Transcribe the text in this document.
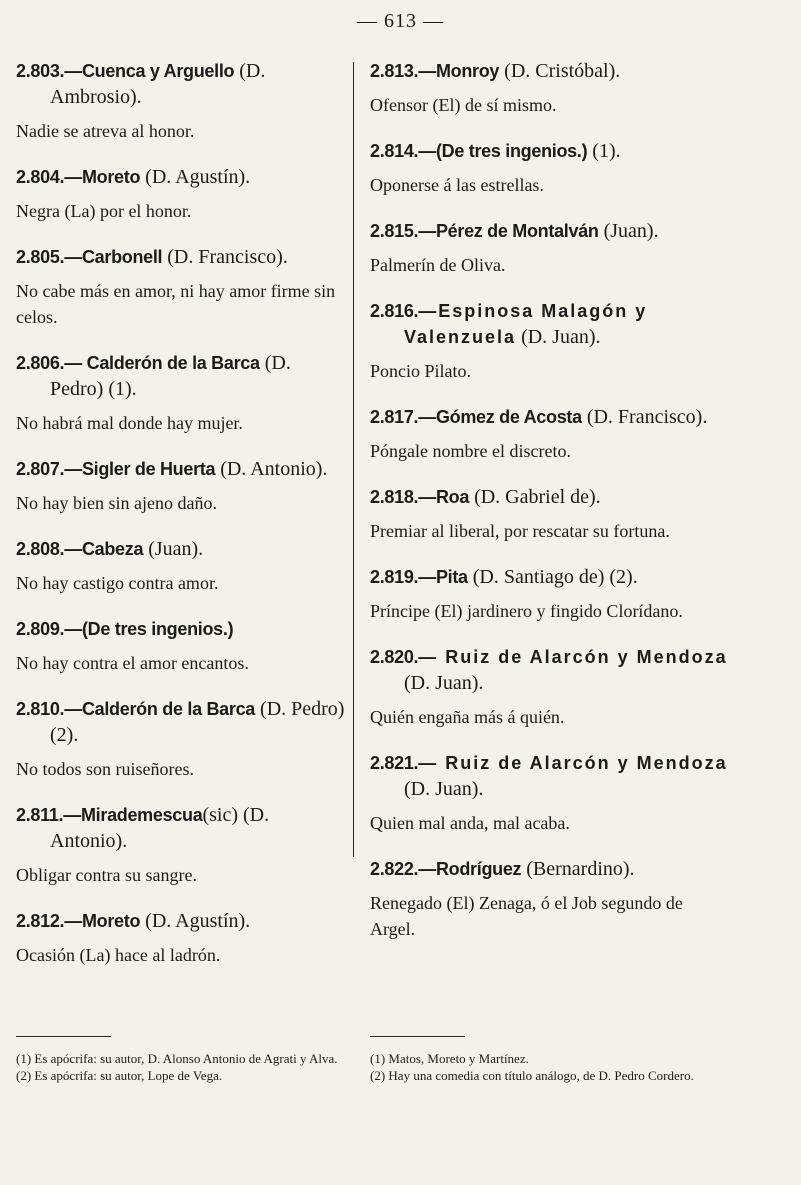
— 613 —

2.803.—Cuenca y Arguello (D. Ambrosio).

Nadie se atreva al honor.

2.804.—Moreto (D. Agustín).

Negra (La) por el honor.

2.805.—Carbonell (D. Francisco).

No cabe más en amor, ni hay amor firme sin celos.

2.806.— Calderón de la Barca (D. Pedro) (1).

No habrá mal donde hay mujer.

2.807.—Sigler de Huerta (D. Antonio).

No hay bien sin ajeno daño.

2.808.—Cabeza (Juan).

No hay castigo contra amor.

2.809.—(De tres ingenios.)

No hay contra el amor encantos.

2.810.—Calderón de la Barca (D. Pedro) (2).

No todos son ruiseñores.

2.811.—Mirademescua(sic) (D. Antonio).

Obligar contra su sangre.

2.812.—Moreto (D. Agustín).

Ocasión (La) hace al ladrón.

2.813.—Monroy (D. Cristóbal).

Ofensor (El) de sí mismo.

2.814.—(De tres ingenios.) (1).

Oponerse á las estrellas.

2.815.—Pérez de Montalván (Juan).

Palmerín de Oliva.

2.816.—Espinosa Malagón y Valenzuela (D. Juan).

Poncio Pilato.

2.817.—Gómez de Acosta (D. Francisco).

Póngale nombre el discreto.

2.818.—Roa (D. Gabriel de).

Premiar al liberal, por rescatar su fortuna.

2.819.—Pita (D. Santiago de) (2).

Príncipe (El) jardinero y fingido Clorídano.

2.820.— Ruiz de Alarcón y Mendoza (D. Juan).

Quién engaña más á quién.

2.821.— Ruiz de Alarcón y Mendoza (D. Juan).

Quien mal anda, mal acaba.

2.822.—Rodríguez (Bernardino).

Renegado (El) Zenaga, ó el Job segundo de Argel.

(1) Es apócrifa: su autor, D. Alonso Antonio de Agrati y Alva.

(2) Es apócrifa: su autor, Lope de Vega.

(1) Matos, Moreto y Martínez.

(2) Hay una comedia con título análogo, de D. Pedro Cordero.
